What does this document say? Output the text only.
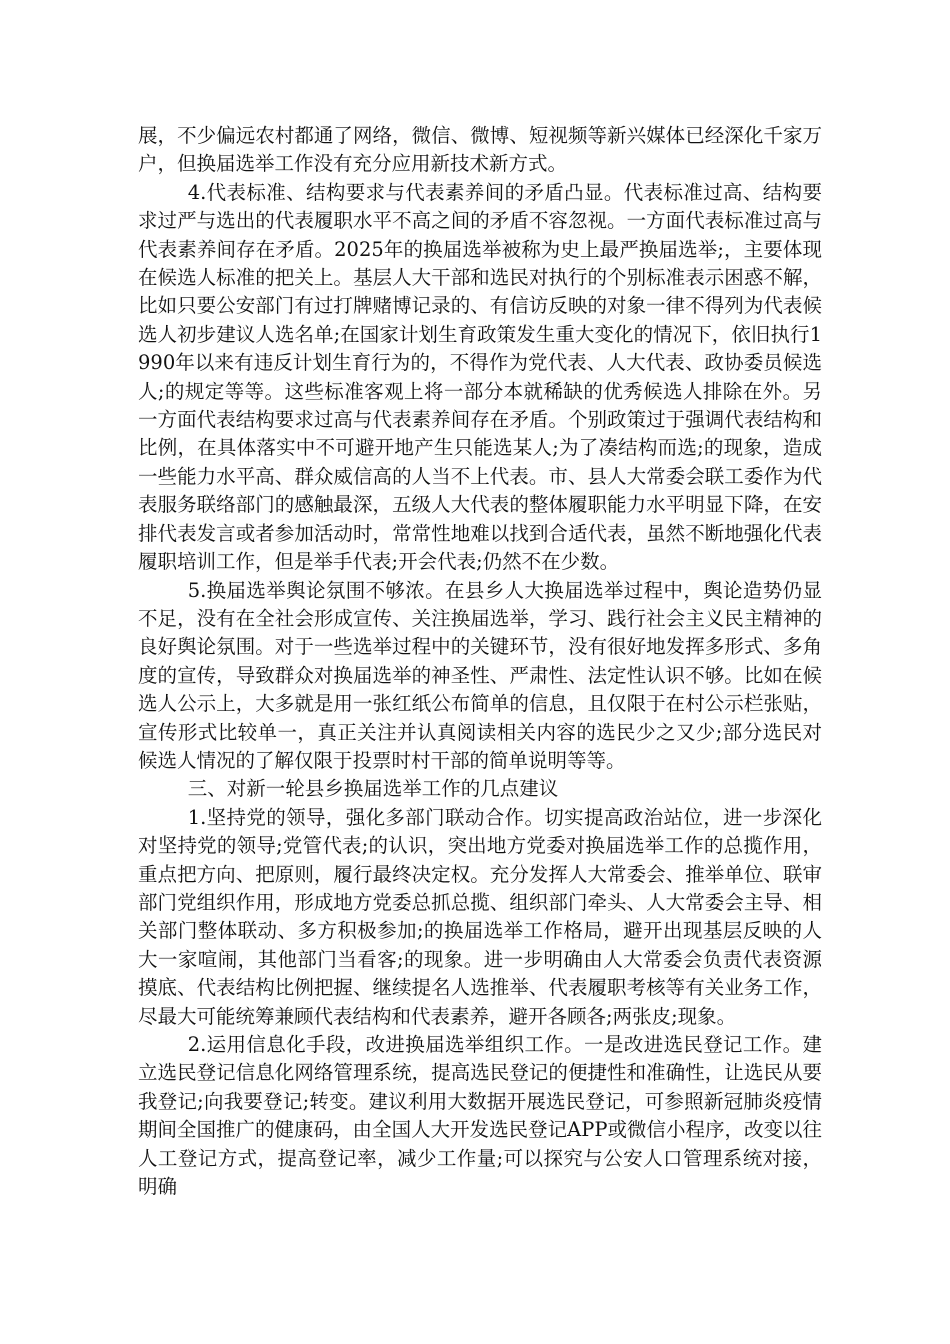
展，不少偏远农村都通了网络，微信、微博、短视频等新兴媒体已经深化千家万户，但换届选举工作没有充分应用新技术新方式。

4.代表标准、结构要求与代表素养间的矛盾凸显。代表标准过高、结构要求过严与选出的代表履职水平不高之间的矛盾不容忽视。一方面代表标准过高与代表素养间存在矛盾。2025年的换届选举被称为史上最严换届选举;，主要体现在候选人标准的把关上。基层人大干部和选民对执行的个别标准表示困惑不解，比如只要公安部门有过打牌赌博记录的、有信访反映的对象一律不得列为代表候选人初步建议人选名单;在国家计划生育政策发生重大变化的情况下，依旧执行1990年以来有违反计划生育行为的，不得作为党代表、人大代表、政协委员候选人;的规定等等。这些标准客观上将一部分本就稀缺的优秀候选人排除在外。另一方面代表结构要求过高与代表素养间存在矛盾。个别政策过于强调代表结构和比例，在具体落实中不可避开地产生只能选某人;为了凑结构而选;的现象，造成一些能力水平高、群众威信高的人当不上代表。市、县人大常委会联工委作为代表服务联络部门的感触最深，五级人大代表的整体履职能力水平明显下降，在安排代表发言或者参加活动时，常常性地难以找到合适代表，虽然不断地强化代表履职培训工作，但是举手代表;开会代表;仍然不在少数。

5.换届选举舆论氛围不够浓。在县乡人大换届选举过程中，舆论造势仍显不足，没有在全社会形成宣传、关注换届选举，学习、践行社会主义民主精神的良好舆论氛围。对于一些选举过程中的关键环节，没有很好地发挥多形式、多角度的宣传，导致群众对换届选举的神圣性、严肃性、法定性认识不够。比如在候选人公示上，大多就是用一张红纸公布简单的信息，且仅限于在村公示栏张贴，宣传形式比较单一，真正关注并认真阅读相关内容的选民少之又少;部分选民对候选人情况的了解仅限于投票时村干部的简单说明等等。

三、对新一轮县乡换届选举工作的几点建议

1.坚持党的领导，强化多部门联动合作。切实提高政治站位，进一步深化对坚持党的领导;党管代表;的认识，突出地方党委对换届选举工作的总揽作用，重点把方向、把原则，履行最终决定权。充分发挥人大常委会、推举单位、联审部门党组织作用，形成地方党委总抓总揽、组织部门牵头、人大常委会主导、相关部门整体联动、多方积极参加;的换届选举工作格局，避开出现基层反映的人大一家喧闹，其他部门当看客;的现象。进一步明确由人大常委会负责代表资源摸底、代表结构比例把握、继续提名人选推举、代表履职考核等有关业务工作，尽最大可能统筹兼顾代表结构和代表素养，避开各顾各;两张皮;现象。

2.运用信息化手段，改进换届选举组织工作。一是改进选民登记工作。建立选民登记信息化网络管理系统，提高选民登记的便捷性和准确性，让选民从要我登记;向我要登记;转变。建议利用大数据开展选民登记，可参照新冠肺炎疫情期间全国推广的健康码，由全国人大开发选民登记APP或微信小程序，改变以往人工登记方式，提高登记率，减少工作量;可以探究与公安人口管理系统对接，明确
